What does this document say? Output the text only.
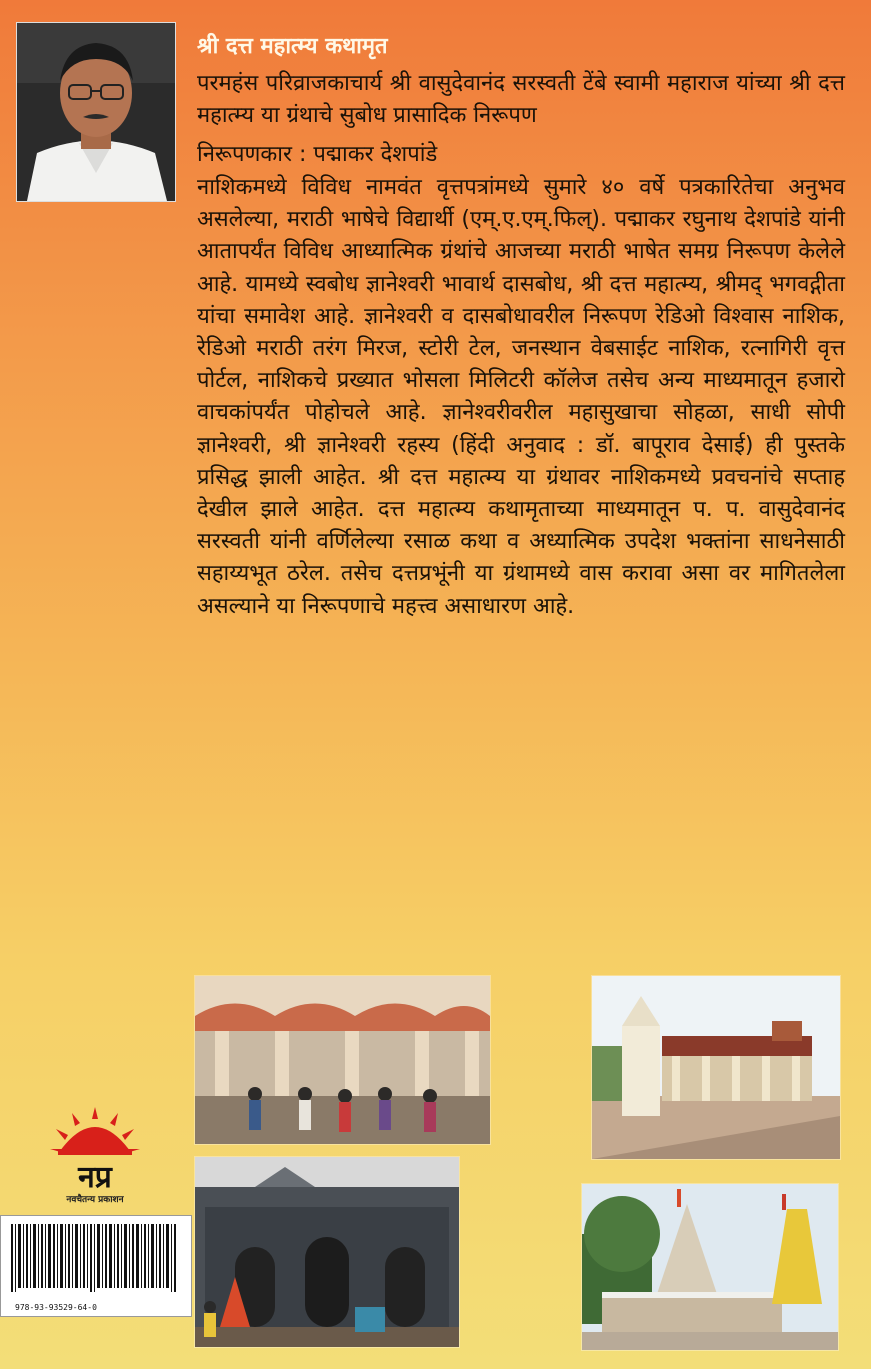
श्री दत्त महात्म्य कथामृत

परमहंस परिव्राजकाचार्य श्री वासुदेवानंद सरस्वती टेंबे स्वामी महाराज यांच्या श्री दत्त महात्म्य या ग्रंथाचे सुबोध प्रासादिक निरूपण

निरूपणकार : पद्माकर देशपांडे

नाशिकमध्ये विविध नामवंत वृत्तपत्रांमध्ये सुमारे ४० वर्षे पत्रकारितेचा अनुभव असलेल्या, मराठी भाषेचे विद्यार्थी (एम्.ए.एम्.फिल्). पद्माकर रघुनाथ देशपांडे यांनी आतापर्यंत विविध आध्यात्मिक ग्रंथांचे आजच्या मराठी भाषेत समग्र निरूपण केलेले आहे. यामध्ये स्वबोध ज्ञानेश्वरी भावार्थ दासबोध, श्री दत्त महात्म्य, श्रीमद् भगवद्गीता यांचा समावेश आहे. ज्ञानेश्वरी व दासबोधावरील निरूपण रेडिओ विश्वास नाशिक, रेडिओ मराठी तरंग मिरज, स्टोरी टेल, जनस्थान वेबसाईट नाशिक, रत्नागिरी वृत्त पोर्टल, नाशिकचे प्रख्यात भोसला मिलिटरी कॉलेज तसेच अन्य माध्यमातून हजारो वाचकांपर्यंत पोहोचले आहे. ज्ञानेश्वरीवरील महासुखाचा सोहळा, साधी सोपी ज्ञानेश्वरी, श्री ज्ञानेश्वरी रहस्य (हिंदी अनुवाद : डॉ. बापूराव देसाई) ही पुस्तके प्रसिद्ध झाली आहेत. श्री दत्त महात्म्य या ग्रंथावर नाशिकमध्ये प्रवचनांचे सप्ताह देखील झाले आहेत. दत्त महात्म्य कथामृताच्या माध्यमातून प. प. वासुदेवानंद सरस्वती यांनी वर्णिलेल्या रसाळ कथा व अध्यात्मिक उपदेश भक्तांना साधनेसाठी सहाय्यभूत ठरेल. तसेच दत्तप्रभूंनी या ग्रंथामध्ये वास करावा असा वर मागितलेला असल्याने या निरूपणाचे महत्त्व असाधारण आहे.

नप्र
नवचैतन्य प्रकाशन
978-93-93529-64-0
